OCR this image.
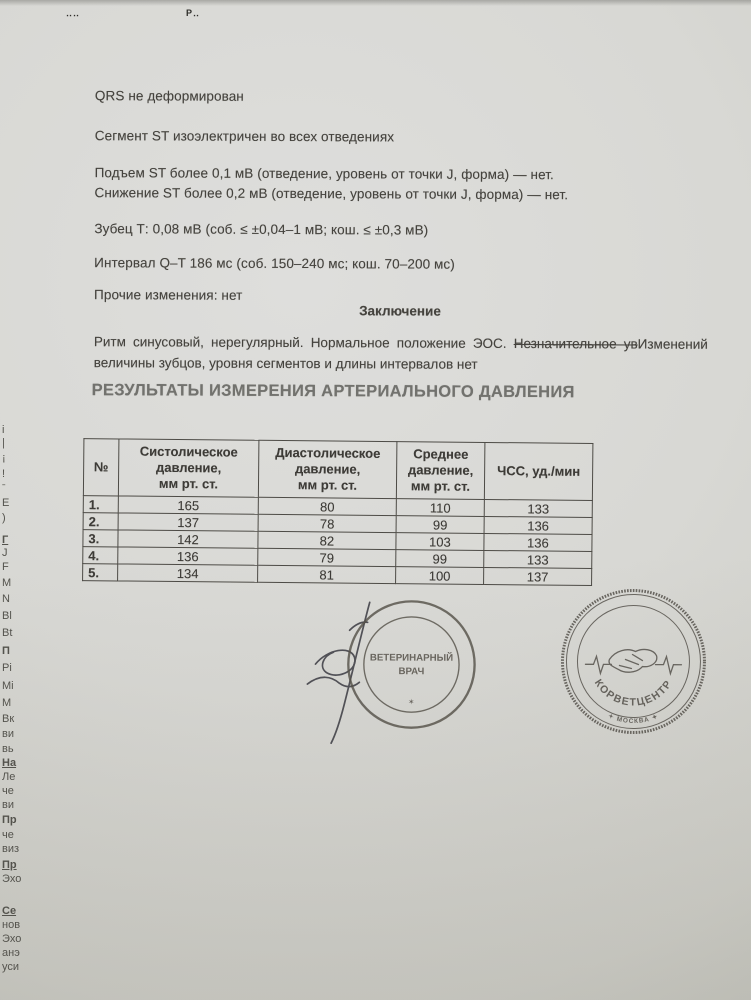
‥‥	Р‥
i
|
¡
!
ˉ
Е
)
Г
J
F
M
N
Вl
Вt
П
Pi
Mi
M
Вк
ви
вь
На
Ле
че
ви
Пр
че
виз
Пр
Эхо
Се
нов
Эхо
анэ
уси
QRS не деформирован
Сегмент ST изоэлектричен во всех отведениях
Подъем ST более 0,1 мВ (отведение, уровень от точки J, форма) — нет.
Снижение ST более 0,2 мВ (отведение, уровень от точки J, форма) — нет.
Зубец Т: 0,08 мВ (соб. ≤ ±0,04–1 мВ; кош. ≤ ±0,3 мВ)
Интервал Q–T 186 мс (соб. 150–240 мс; кош. 70–200 мс)
Прочие изменения: нет
Заключение
Ритм синусовый, нерегулярный. Нормальное положение ЭОС. Незначительное увИзменений
величины зубцов, уровня сегментов и длины интервалов нет
РЕЗУЛЬТАТЫ ИЗМЕРЕНИЯ АРТЕРИАЛЬНОГО ДАВЛЕНИЯ
№	Систолическое
давление,
мм рт. ст.	Диастолическое
давление,
мм рт. ст.	Среднее
давление,
мм рт. ст.	ЧСС, уд./мин
1.	165	80	110	133
2.	137	78	99	136
3.	142	82	103	136
4.	136	79	99	133
5.	134	81	100	137
ВЕТЕРИНАРНЫЙ
ВРАЧ
✶
✦ МОСКВА ✦
КОРВЕТЦЕНТР
